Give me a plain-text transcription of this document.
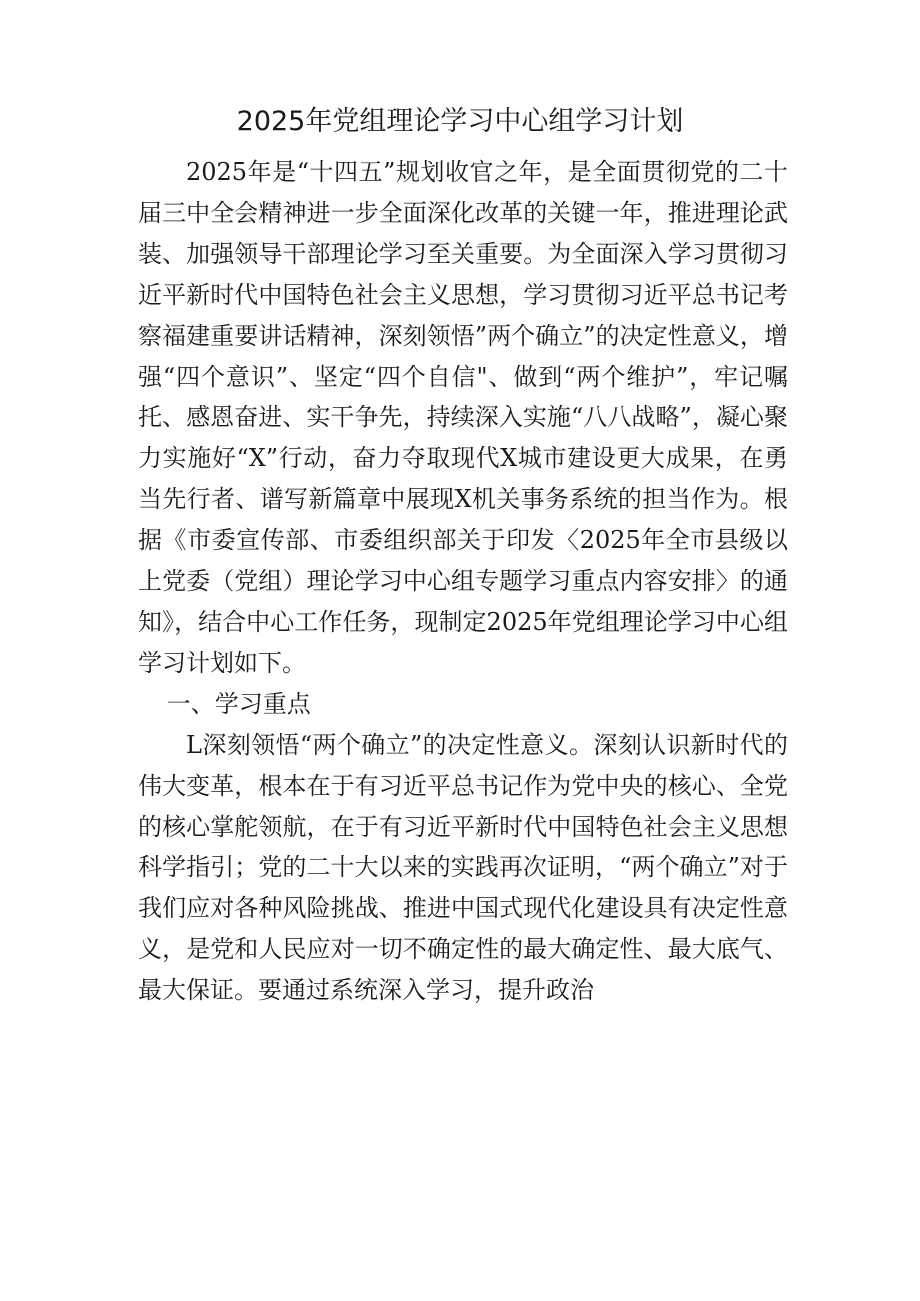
2025年党组理论学习中心组学习计划

2025年是“十四五”规划收官之年，是全面贯彻党的二十届三中全会精神进一步全面深化改革的关键一年，推进理论武装、加强领导干部理论学习至关重要。为全面深入学习贯彻习近平新时代中国特色社会主义思想，学习贯彻习近平总书记考察福建重要讲话精神，深刻领悟”两个确立”的决定性意义，增强“四个意识”、坚定“四个自信"、做到“两个维护”，牢记嘱托、感恩奋进、实干争先，持续深入实施“八八战略”，凝心聚力实施好“X”行动，奋力夺取现代X城市建设更大成果，在勇当先行者、谱写新篇章中展现X机关事务系统的担当作为。根据《市委宣传部、市委组织部关于印发〈2025年全市县级以上党委（党组）理论学习中心组专题学习重点内容安排〉的通知》，结合中心工作任务，现制定2025年党组理论学习中心组学习计划如下。

一、学习重点

L深刻领悟“两个确立”的决定性意义。深刻认识新时代的伟大变革，根本在于有习近平总书记作为党中央的核心、全党的核心掌舵领航，在于有习近平新时代中国特色社会主义思想科学指引；党的二十大以来的实践再次证明，“两个确立”对于我们应对各种风险挑战、推进中国式现代化建设具有决定性意义，是党和人民应对一切不确定性的最大确定性、最大底气、最大保证。要通过系统深入学习，提升政治
